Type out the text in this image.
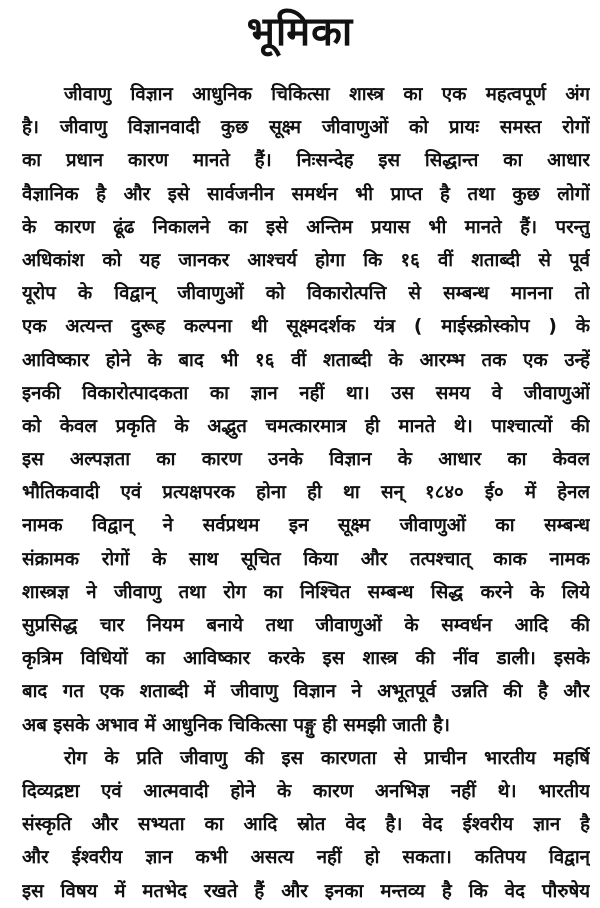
भूमिका
जीवाणु विज्ञान आधुनिक चिकित्सा शास्त्र का एक महत्वपूर्ण अंग
है। जीवाणु विज्ञानवादी कुछ सूक्ष्म जीवाणुओं को प्रायः समस्त रोगों
का प्रधान कारण मानते हैं। निःसन्देह इस सिद्धान्त का आधार
वैज्ञानिक है और इसे सार्वजनीन समर्थन भी प्राप्त है तथा कुछ लोगों
के कारण ढूंढ निकालने का इसे अन्तिम प्रयास भी मानते हैं। परन्तु
अधिकांश को यह जानकर आश्चर्य होगा कि १६ वीं शताब्दी से पूर्व
यूरोप के विद्वान् जीवाणुओं को विकारोत्पत्ति से सम्बन्ध मानना तो
एक अत्यन्त दुरूह कल्पना थी सूक्ष्मदर्शक यंत्र ( माईस्क्रोस्कोप ) के
आविष्कार होने के बाद भी १६ वीं शताब्दी के आरम्भ तक एक उन्हें
इनकी विकारोत्पादकता का ज्ञान नहीं था। उस समय वे जीवाणुओं
को केवल प्रकृति के अद्भुत चमत्कारमात्र ही मानते थे। पाश्चात्यों की
इस अल्पज्ञता का कारण उनके विज्ञान के आधार का केवल
भौतिकवादी एवं प्रत्यक्षपरक होना ही था सन् १८४० ई० में हेनल
नामक विद्वान् ने सर्वप्रथम इन सूक्ष्म जीवाणुओं का सम्बन्ध
संक्रामक रोगों के साथ सूचित किया और तत्पश्चात् काक नामक
शास्त्रज्ञ ने जीवाणु तथा रोग का निश्चित सम्बन्ध सिद्ध करने के लिये
सुप्रसिद्ध चार नियम बनाये तथा जीवाणुओं के सम्वर्धन आदि की
कृत्रिम विधियों का आविष्कार करके इस शास्त्र की नींव डाली। इसके
बाद गत एक शताब्दी में जीवाणु विज्ञान ने अभूतपूर्व उन्नति की है और
अब इसके अभाव में आधुनिक चिकित्सा पङ्गु ही समझी जाती है।
रोग के प्रति जीवाणु की इस कारणता से प्राचीन भारतीय महर्षि
दिव्यद्रष्टा एवं आत्मवादी होने के कारण अनभिज्ञ नहीं थे। भारतीय
संस्कृति और सभ्यता का आदि स्रोत वेद है। वेद ईश्वरीय ज्ञान है
और ईश्वरीय ज्ञान कभी असत्य नहीं हो सकता। कतिपय विद्वान्
इस विषय में मतभेद रखते हैं और इनका मन्तव्य है कि वेद पौरुषेय
